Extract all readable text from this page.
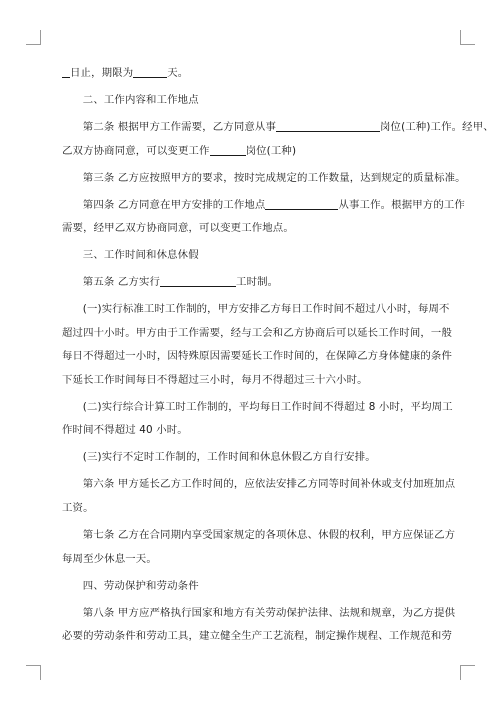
日止，期限为	天。

二、工作内容和工作地点

第二条 根据甲方工作需要，乙方同意从事	岗位(工种)工作。经甲、
乙双方协商同意，可以变更工作	岗位(工种)

第三条 乙方应按照甲方的要求，按时完成规定的工作数量，达到规定的质量标准。

第四条 乙方同意在甲方安排的工作地点	从事工作。根据甲方的工作
需要，经甲乙双方协商同意，可以变更工作地点。

三、工作时间和休息休假

第五条 乙方实行	工时制。

(一)实行标准工时工作制的，甲方安排乙方每日工作时间不超过八小时，每周不
超过四十小时。甲方由于工作需要，经与工会和乙方协商后可以延长工作时间，一般
每日不得超过一小时，因特殊原因需要延长工作时间的，在保障乙方身体健康的条件
下延长工作时间每日不得超过三小时，每月不得超过三十六小时。

(二)实行综合计算工时工作制的，平均每日工作时间不得超过 8 小时，平均周工
作时间不得超过 40 小时。

(三)实行不定时工作制的，工作时间和休息休假乙方自行安排。

第六条 甲方延长乙方工作时间的，应依法安排乙方同等时间补休或支付加班加点
工资。

第七条 乙方在合同期内享受国家规定的各项休息、休假的权利，甲方应保证乙方
每周至少休息一天。

四、劳动保护和劳动条件

第八条 甲方应严格执行国家和地方有关劳动保护法律、法规和规章，为乙方提供
必要的劳动条件和劳动工具，建立健全生产工艺流程，制定操作规程、工作规范和劳
